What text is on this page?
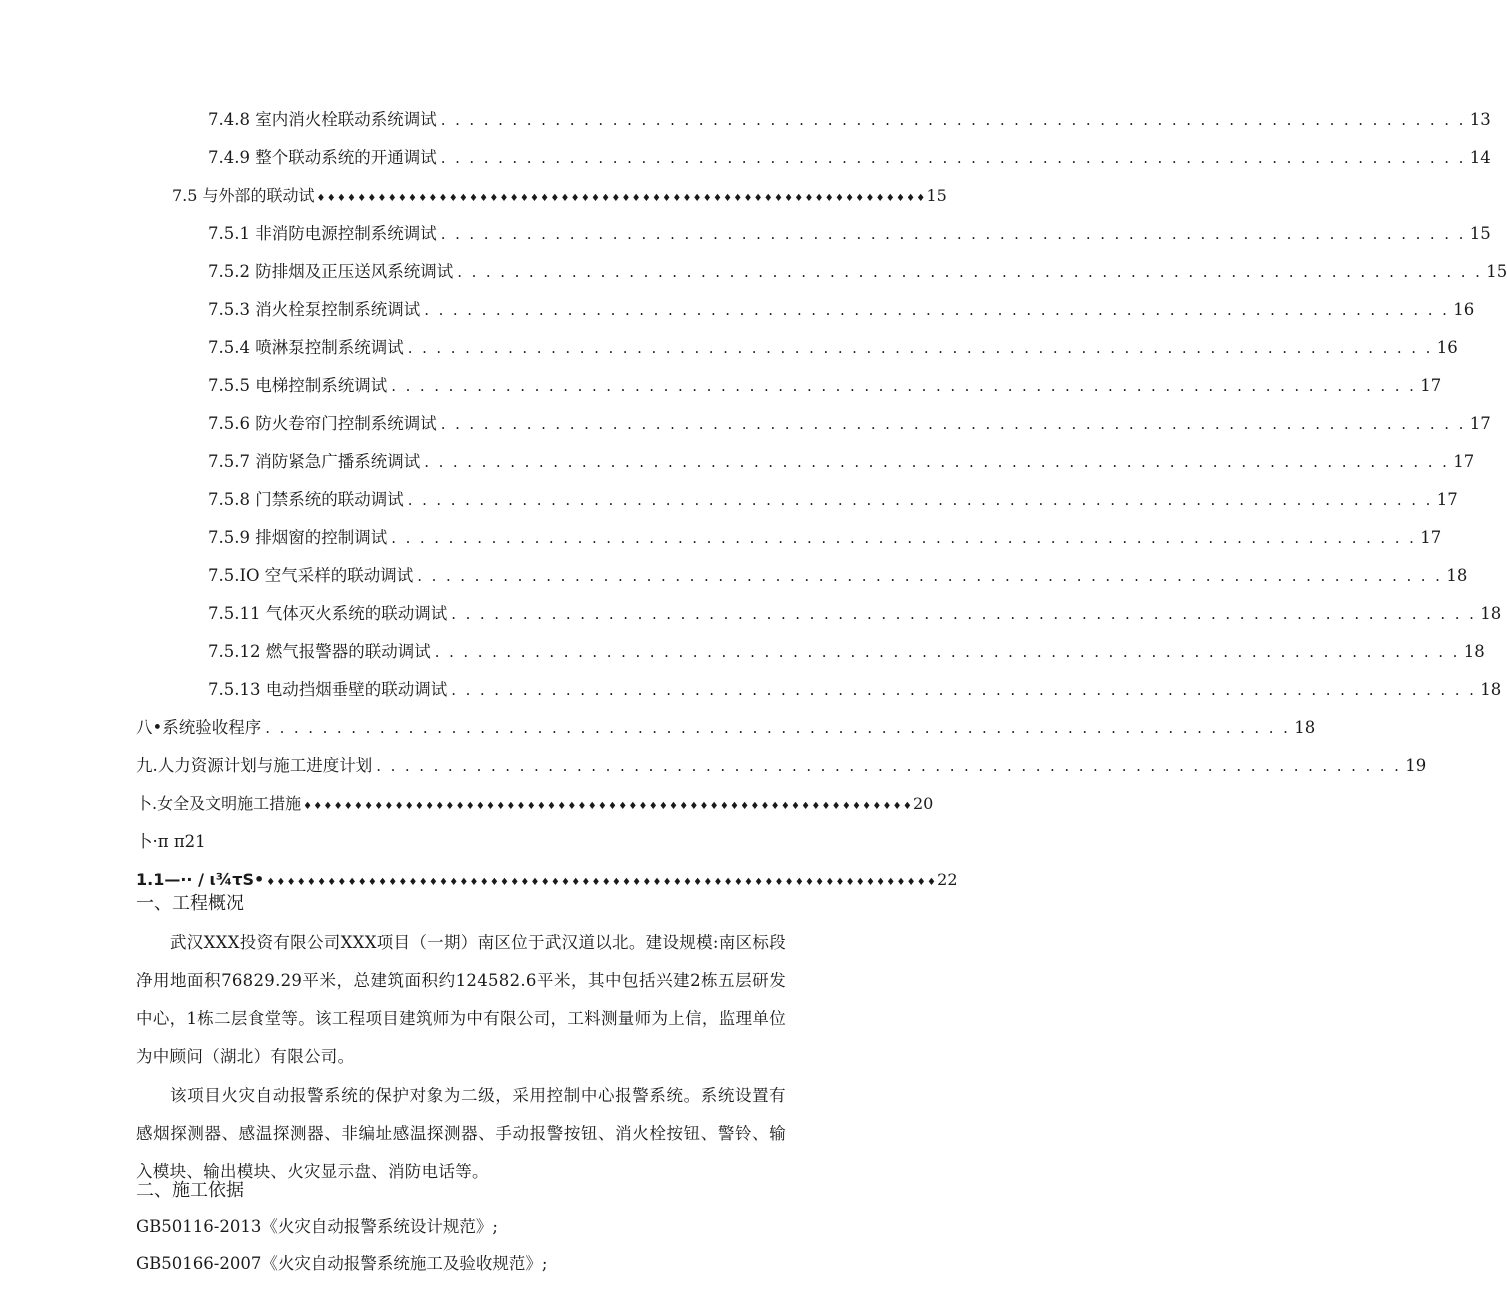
7.4.8 室内消火栓联动系统调试 . . . . . . . . . . . . . . . . . . . . . . . . . . . . . . . . . . . . . . . . . . . . . . . . . . . . . . . . . . . . . . . . . . . . . . . . 13
7.4.9 整个联动系统的开通调试 . . . . . . . . . . . . . . . . . . . . . . . . . . . . . . . . . . . . . . . . . . . . . . . . . . . . . . . . . . . . . . . . . . . . . . . . 14
7.5 与外部的联动试 ♦♦♦♦♦♦♦♦♦♦♦♦♦♦♦♦♦♦♦♦♦♦♦♦♦♦♦♦♦♦♦♦♦♦♦♦♦♦♦♦♦♦♦♦♦♦♦♦♦♦♦♦♦♦♦♦♦♦♦♦ 15
7.5.1 非消防电源控制系统调试 . . . . . . . . . . . . . . . . . . . . . . . . . . . . . . . . . . . . . . . . . . . . . . . . . . . . . . . . . . . . . . . . . . . . . . . . 15
7.5.2 防排烟及正压送风系统调试 . . . . . . . . . . . . . . . . . . . . . . . . . . . . . . . . . . . . . . . . . . . . . . . . . . . . . . . . . . . . . . . . . . . . . . . . 15
7.5.3 消火栓泵控制系统调试 . . . . . . . . . . . . . . . . . . . . . . . . . . . . . . . . . . . . . . . . . . . . . . . . . . . . . . . . . . . . . . . . . . . . . . . . 16
7.5.4 喷淋泵控制系统调试 . . . . . . . . . . . . . . . . . . . . . . . . . . . . . . . . . . . . . . . . . . . . . . . . . . . . . . . . . . . . . . . . . . . . . . . . 16
7.5.5 电梯控制系统调试 . . . . . . . . . . . . . . . . . . . . . . . . . . . . . . . . . . . . . . . . . . . . . . . . . . . . . . . . . . . . . . . . . . . . . . . . 17
7.5.6 防火卷帘门控制系统调试 . . . . . . . . . . . . . . . . . . . . . . . . . . . . . . . . . . . . . . . . . . . . . . . . . . . . . . . . . . . . . . . . . . . . . . . . 17
7.5.7 消防紧急广播系统调试 . . . . . . . . . . . . . . . . . . . . . . . . . . . . . . . . . . . . . . . . . . . . . . . . . . . . . . . . . . . . . . . . . . . . . . . . 17
7.5.8 门禁系统的联动调试 . . . . . . . . . . . . . . . . . . . . . . . . . . . . . . . . . . . . . . . . . . . . . . . . . . . . . . . . . . . . . . . . . . . . . . . . 17
7.5.9 排烟窗的控制调试 . . . . . . . . . . . . . . . . . . . . . . . . . . . . . . . . . . . . . . . . . . . . . . . . . . . . . . . . . . . . . . . . . . . . . . . . 17
7.5.IO 空气采样的联动调试 . . . . . . . . . . . . . . . . . . . . . . . . . . . . . . . . . . . . . . . . . . . . . . . . . . . . . . . . . . . . . . . . . . . . . . . . 18
7.5.11 气体灭火系统的联动调试 . . . . . . . . . . . . . . . . . . . . . . . . . . . . . . . . . . . . . . . . . . . . . . . . . . . . . . . . . . . . . . . . . . . . . . . . 18
7.5.12 燃气报警器的联动调试 . . . . . . . . . . . . . . . . . . . . . . . . . . . . . . . . . . . . . . . . . . . . . . . . . . . . . . . . . . . . . . . . . . . . . . . . 18
7.5.13 电动挡烟垂壁的联动调试 . . . . . . . . . . . . . . . . . . . . . . . . . . . . . . . . . . . . . . . . . . . . . . . . . . . . . . . . . . . . . . . . . . . . . . . . 18
八•系统验收程序 . . . . . . . . . . . . . . . . . . . . . . . . . . . . . . . . . . . . . . . . . . . . . . . . . . . . . . . . . . . . . . . . . . . . . . . . 18
九.人力资源计划与施工进度计划 . . . . . . . . . . . . . . . . . . . . . . . . . . . . . . . . . . . . . . . . . . . . . . . . . . . . . . . . . . . . . . . . . . . . . . . . 19
卜.女全及文明施工措施 ♦♦♦♦♦♦♦♦♦♦♦♦♦♦♦♦♦♦♦♦♦♦♦♦♦♦♦♦♦♦♦♦♦♦♦♦♦♦♦♦♦♦♦♦♦♦♦♦♦♦♦♦♦♦♦♦♦♦♦♦ 20
卜·π π21
1.1—·· / ι¾τS• ♦♦♦♦♦♦♦♦♦♦♦♦♦♦♦♦♦♦♦♦♦♦♦♦♦♦♦♦♦♦♦♦♦♦♦♦♦♦♦♦♦♦♦♦♦♦♦♦♦♦♦♦♦♦♦♦♦♦♦♦♦♦♦♦♦♦ 22
一、工程概况
武汉XXX投资有限公司XXX项目（一期）南区位于武汉道以北。建设规模:南区标段净用地面积76829.29平米，总建筑面积约124582.6平米，其中包括兴建2栋五层研发中心，1栋二层食堂等。该工程项目建筑师为中有限公司，工料测量师为上信，监理单位为中顾问（湖北）有限公司。
该项目火灾自动报警系统的保护对象为二级，采用控制中心报警系统。系统设置有感烟探测器、感温探测器、非编址感温探测器、手动报警按钮、消火栓按钮、警铃、输入模块、输出模块、火灾显示盘、消防电话等。
二、施工依据
GB50116-2013《火灾自动报警系统设计规范》;
GB50166-2007《火灾自动报警系统施工及验收规范》;
